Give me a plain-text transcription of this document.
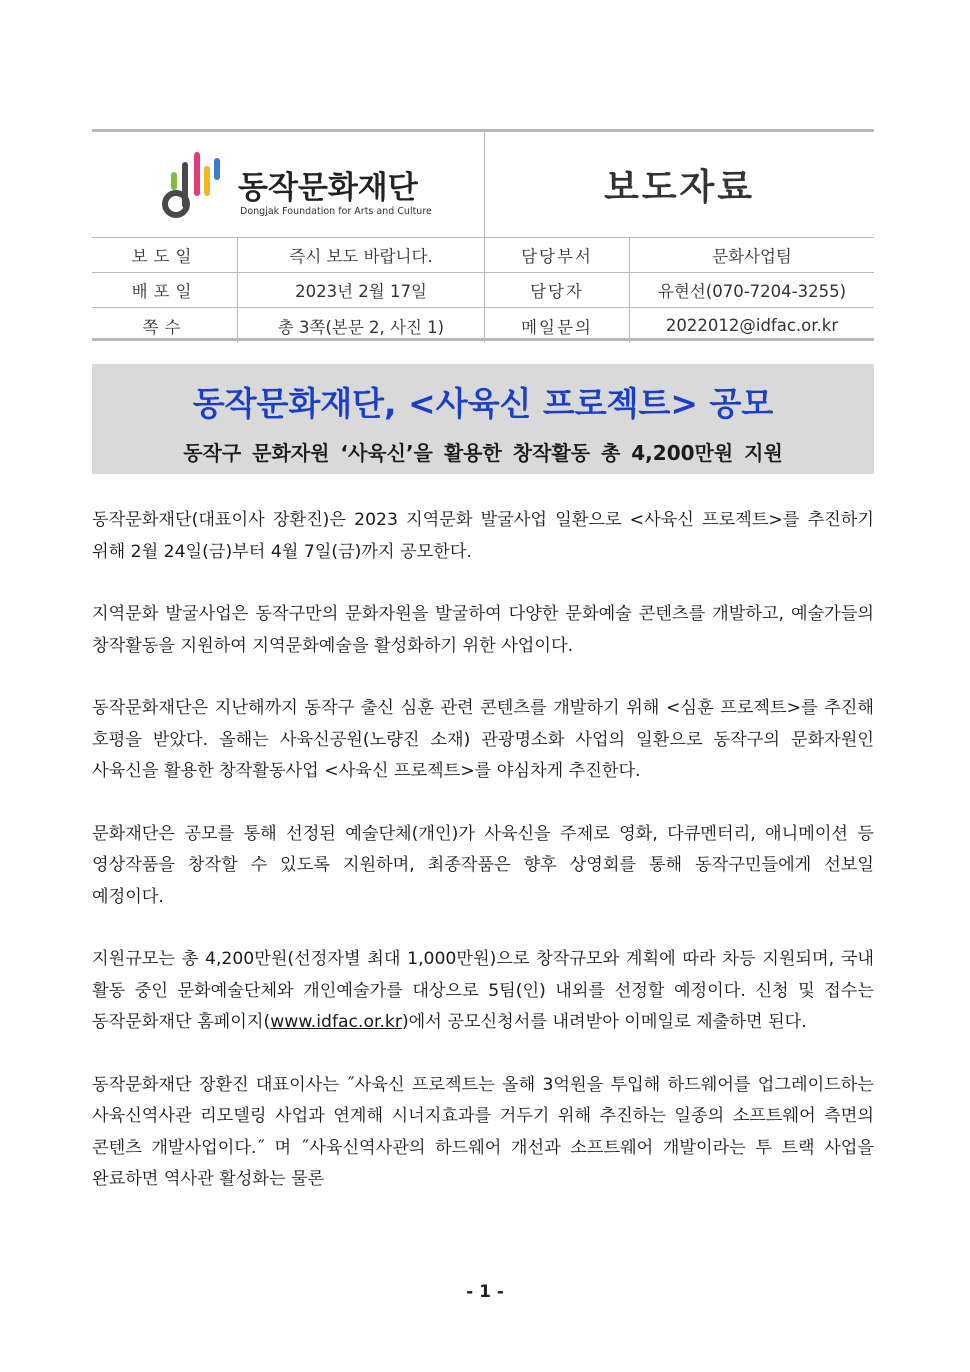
동작문화재단
Dongjak Foundation for Arts and Culture
보도자료
보도일	즉시 보도 바랍니다.	담당부서	문화사업팀
배포일	2023년 2월 17일	담당자	유현선(070-7204-3255)
쪽수	총 3쪽(본문 2, 사진 1)	메일문의	2022012@idfac.or.kr
동작문화재단, <사육신 프로젝트> 공모
동작구 문화자원 ‘사육신’을 활용한 창작활동 총 4,200만원 지원

동작문화재단(대표이사 장환진)은 2023 지역문화 발굴사업 일환으로 <사육신 프로젝트>를 추진하기 위해 2월 24일(금)부터 4월 7일(금)까지 공모한다.

지역문화 발굴사업은 동작구만의 문화자원을 발굴하여 다양한 문화예술 콘텐츠를 개발하고, 예술가들의 창작활동을 지원하여 지역문화예술을 활성화하기 위한 사업이다.

동작문화재단은 지난해까지 동작구 출신 심훈 관련 콘텐츠를 개발하기 위해 <심훈 프로젝트>를 추진해 호평을 받았다. 올해는 사육신공원(노량진 소재) 관광명소화 사업의 일환으로 동작구의 문화자원인 사육신을 활용한 창작활동사업 <사육신 프로젝트>를 야심차게 추진한다.

문화재단은 공모를 통해 선정된 예술단체(개인)가 사육신을 주제로 영화, 다큐멘터리, 애니메이션 등 영상작품을 창작할 수 있도록 지원하며, 최종작품은 향후 상영회를 통해 동작구민들에게 선보일 예정이다.

지원규모는 총 4,200만원(선정자별 최대 1,000만원)으로 창작규모와 계획에 따라 차등 지원되며, 국내 활동 중인 문화예술단체와 개인예술가를 대상으로 5팀(인) 내외를 선정할 예정이다. 신청 및 접수는 동작문화재단 홈페이지(www.idfac.or.kr)에서 공모신청서를 내려받아 이메일로 제출하면 된다.

동작문화재단 장환진 대표이사는 ˝사육신 프로젝트는 올해 3억원을 투입해 하드웨어를 업그레이드하는 사육신역사관 리모델링 사업과 연계해 시너지효과를 거두기 위해 추진하는 일종의 소프트웨어 측면의 콘텐츠 개발사업이다.˝ 며 ˝사육신역사관의 하드웨어 개선과 소프트웨어 개발이라는 투 트랙 사업을 완료하면 역사관 활성화는 물론

- 1 -
